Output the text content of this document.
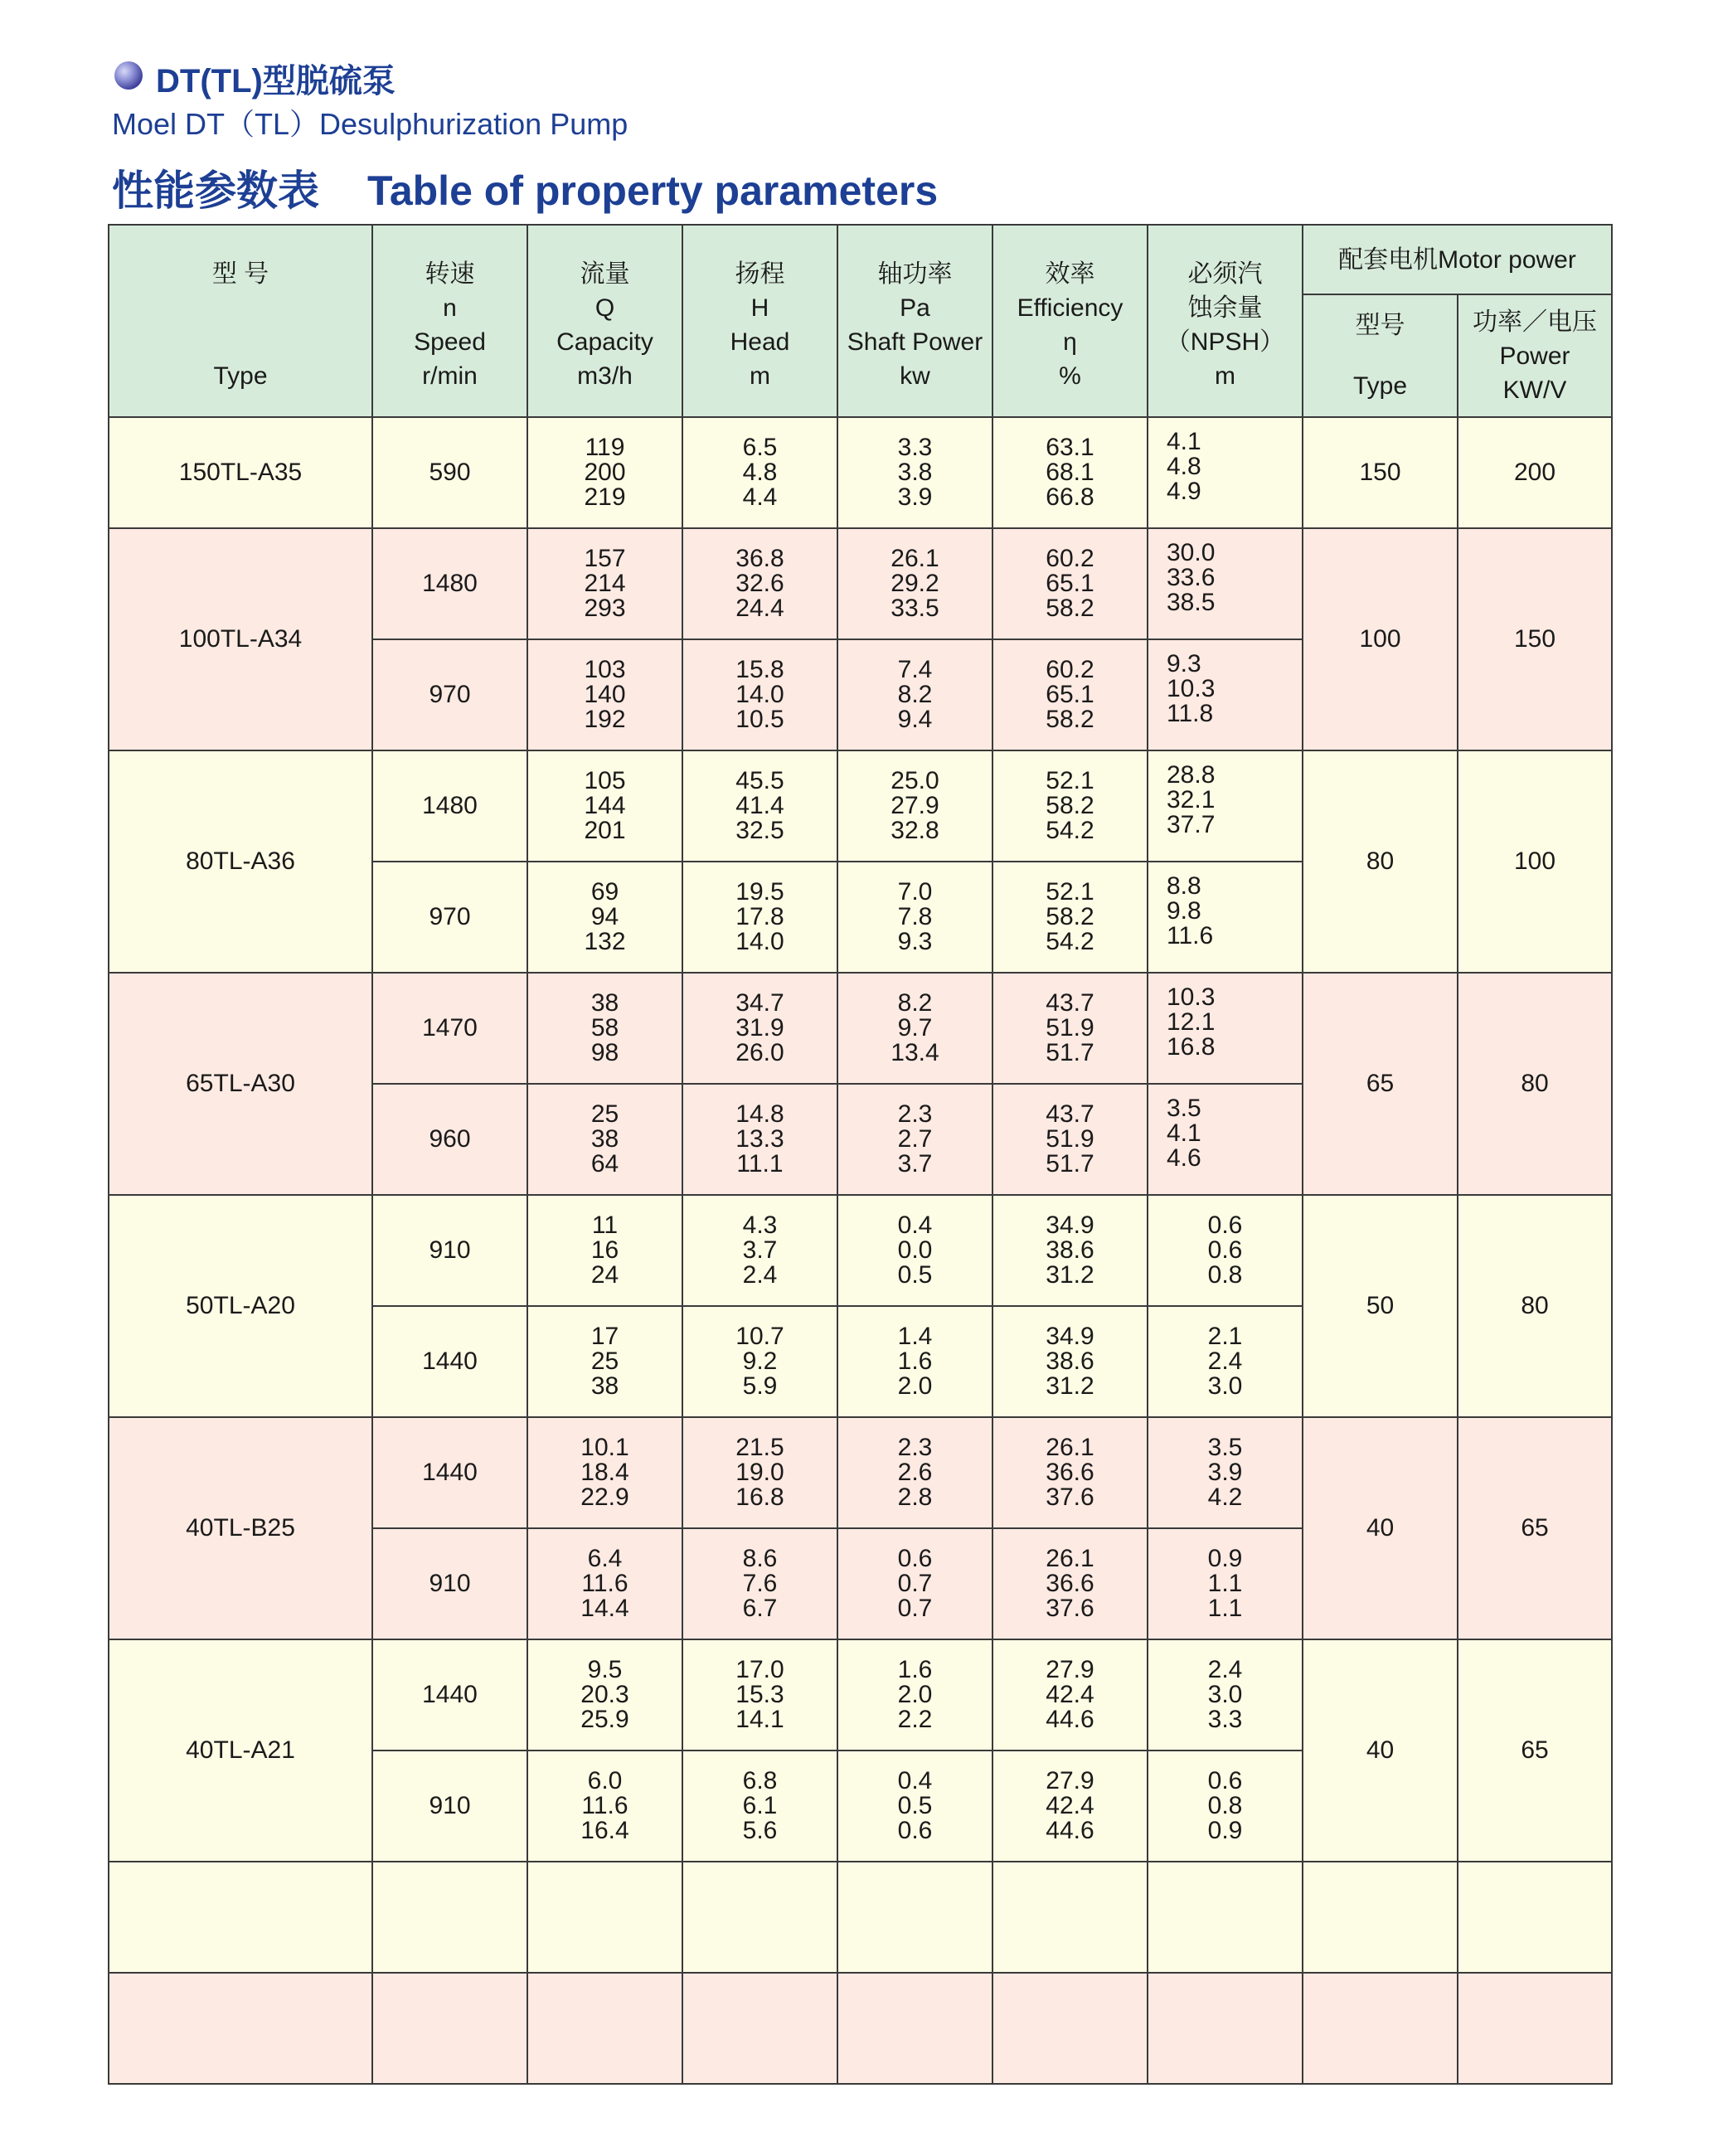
DT(TL)型脱硫泵
Moel DT（TL）Desulphurization Pump
性能参数表 Table of property parameters
型 号
Type	转速
n
Speed
r/min	流量
Q
Capacity
m3/h	扬程
H
Head
m	轴功率
Pa
Shaft Power
kw	效率
Efficiency
η
%	必须汽
蚀余量
（NPSH）
m	配套电机Motor power	

							型号
Type	功率／电压
Power
KW/V

150TL-A35	590	119
200
219	6.5
4.8
4.4	3.3
3.8
3.9	63.1
68.1
66.8	4.1
4.8
4.9	150	200
100TL-A34	1480	157
214
293	36.8
32.6
24.4	26.1
29.2
33.5	60.2
65.1
58.2	30.0
33.6
38.5	100	150
	970	103
140
192	15.8
14.0
10.5	7.4
8.2
9.4	60.2
65.1
58.2	9.3
10.3
11.8		

80TL-A36	1480	105
144
201	45.5
41.4
32.5	25.0
27.9
32.8	52.1
58.2
54.2	28.8
32.1
37.7	80	100
	970	69
94
132	19.5
17.8
14.0	7.0
7.8
9.3	52.1
58.2
54.2	8.8
9.8
11.6		

65TL-A30	1470	38
58
98	34.7
31.9
26.0	8.2
9.7
13.4	43.7
51.9
51.7	10.3
12.1
16.8	65	80
	960	25
38
64	14.8
13.3
11.1	2.3
2.7
3.7	43.7
51.9
51.7	3.5
4.1
4.6		

50TL-A20	910	11
16
24	4.3
3.7
2.4	0.4
0.0
0.5	34.9
38.6
31.2	0.6
0.6
0.8	50	80
	1440	17
25
38	10.7
9.2
5.9	1.4
1.6
2.0	34.9
38.6
31.2	2.1
2.4
3.0		

40TL-B25	1440	10.1
18.4
22.9	21.5
19.0
16.8	2.3
2.6
2.8	26.1
36.6
37.6	3.5
3.9
4.2	40	65
	910	6.4
11.6
14.4	8.6
7.6
6.7	0.6
0.7
0.7	26.1
36.6
37.6	0.9
1.1
1.1		

40TL-A21	1440	9.5
20.3
25.9	17.0
15.3
14.1	1.6
2.0
2.2	27.9
42.4
44.6	2.4
3.0
3.3	40	65
	910	6.0
11.6
16.4	6.8
6.1
5.6	0.4
0.5
0.6	27.9
42.4
44.6	0.6
0.8
0.9		
